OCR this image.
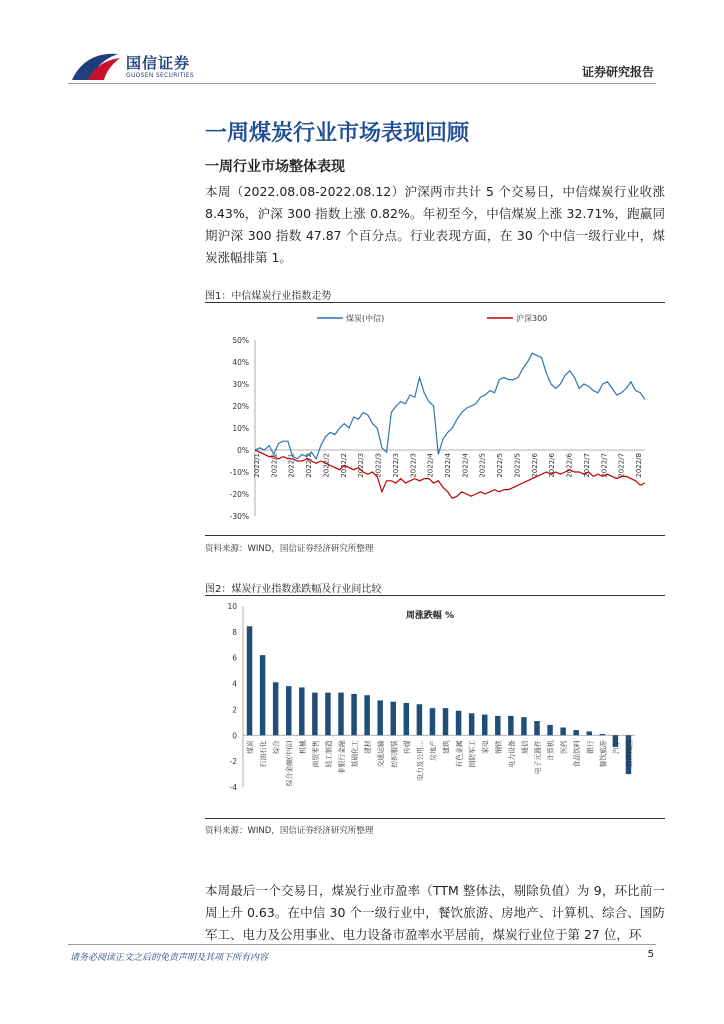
国信证券
GUOSEN SECURITIES	证券研究报告
一周煤炭行业市场表现回顾
一周行业市场整体表现
本周（2022.08.08-2022.08.12）沪深两市共计 5 个交易日，中信煤炭行业收涨 8.43%，沪深 300 指数上涨 0.82%。年初至今，中信煤炭上涨 32.71%，跑赢同期沪深 300 指数 47.87 个百分点。行业表现方面，在 30 个中信一级行业中，煤炭涨幅排第 1。
图1：中信煤炭行业指数走势
煤炭(中信)	沪深300
50%
40%
30%
20%
10%
0%
-10%
-20%
-30%
2022/1 2022/1 2022/1 2022/2 2022/2 2022/2 2022/3 2022/3 2022/3 2022/3 2022/4 2022/4 2022/4 2022/5 2022/5 2022/5 2022/6 2022/6 2022/6 2022/7 2022/7 2022/7 2022/8
资料来源：WIND，国信证券经济研究所整理
图2：煤炭行业指数涨跌幅及行业间比较
周涨跌幅 %
10
8
6
4
2
0
-2
-4
煤炭 石油石化 综合 综合金融(中信) 机械 商贸零售 轻工制造 非银行金融 基础化工 建材 交通运输 纺织服装 传媒 电力及公用… 房地产 建筑 有色金属 国防军工 家电 钢铁 电力设备 通信 电子元器件 计算机 医药 食品饮料 银行 餐饮旅游 汽车 农林牧渔
资料来源：WIND，国信证券经济研究所整理
本周最后一个交易日，煤炭行业市盈率（TTM 整体法，剔除负值）为 9，环比前一周上升 0.63。在中信 30 个一级行业中，餐饮旅游、房地产、计算机、综合、国防军工、电力及公用事业、电力设备市盈率水平居前，煤炭行业位于第 27 位，环
请务必阅读正文之后的免责声明及其项下所有内容	5
